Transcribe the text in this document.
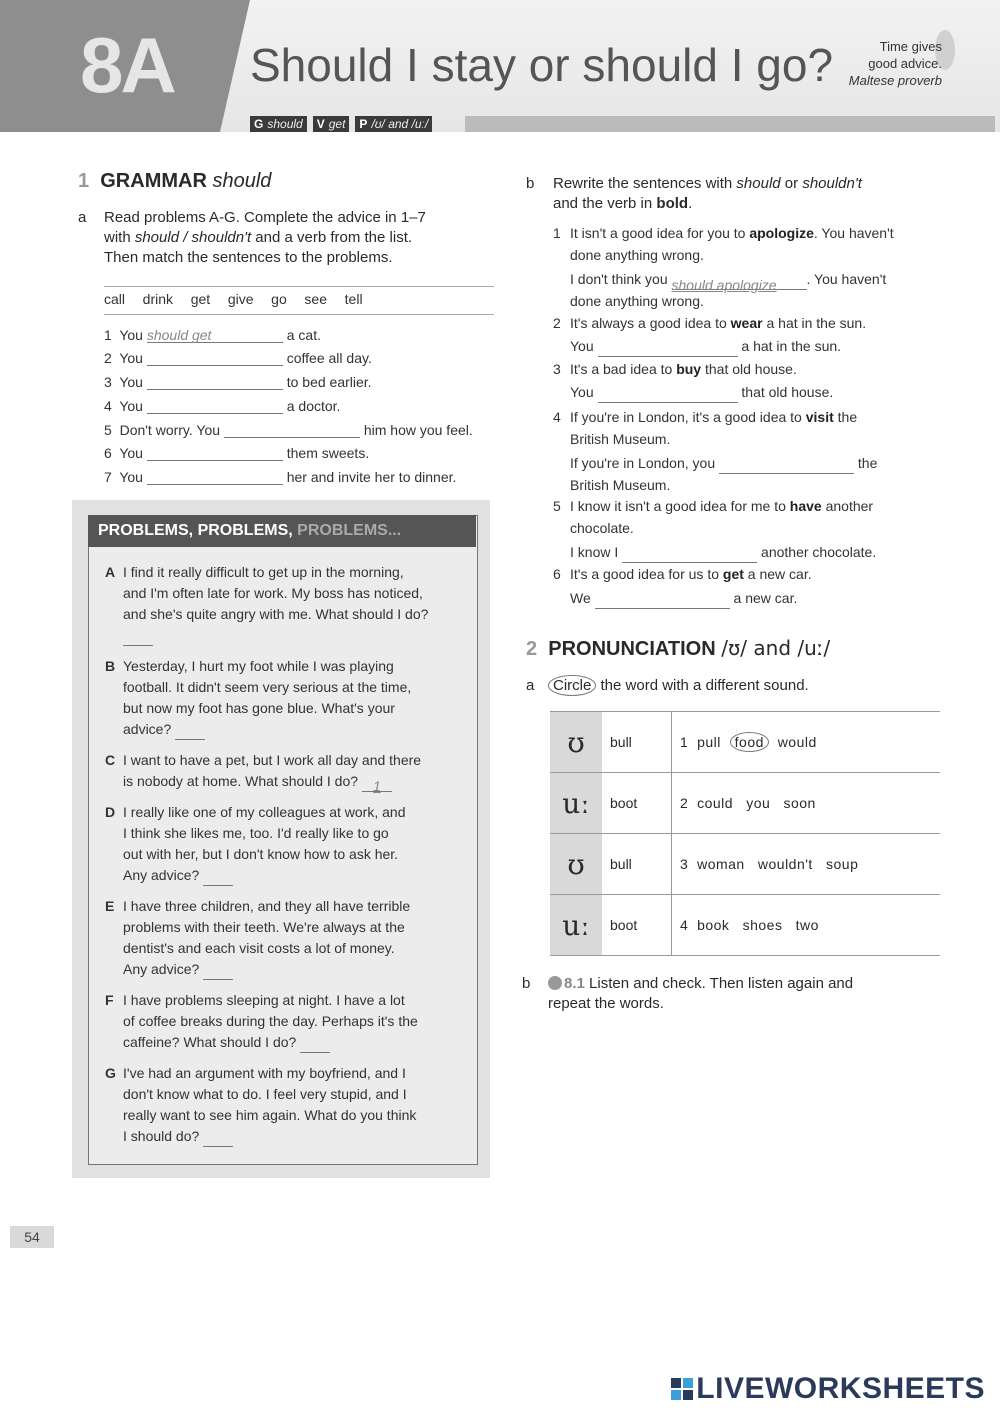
8A Should I stay or should I go?	Time gives
good advice.
Maltese proverb
G should V get P /ʊ/ and /uː/
1 GRAMMAR should
a Read problems A-G. Complete the advice in 1–7
with should / shouldn't and a verb from the list.
Then match the sentences to the problems.
call   drink   get   give   go   see   tell
1 You should get	a cat.
2 You	coffee all day.
3 You	to bed earlier.
4 You	a doctor.
5 Don't worry. You	him how you feel.
6 You	them sweets.
7 You	her and invite her to dinner.
PROBLEMS, PROBLEMS, PROBLEMS...
A I find it really difficult to get up in the morning,
and I'm often late for work. My boss has noticed,
and she's quite angry with me. What should I do?
B Yesterday, I hurt my foot while I was playing
football. It didn't seem very serious at the time,
but now my foot has gone blue. What's your
advice?
C I want to have a pet, but I work all day and there
is nobody at home. What should I do? 1
D I really like one of my colleagues at work, and
I think she likes me, too. I'd really like to go
out with her, but I don't know how to ask her.
Any advice?
E I have three children, and they all have terrible
problems with their teeth. We're always at the
dentist's and each visit costs a lot of money.
Any advice?
F I have problems sleeping at night. I have a lot
of coffee breaks during the day. Perhaps it's the
caffeine? What should I do?
G I've had an argument with my boyfriend, and I
don't know what to do. I feel very stupid, and I
really want to see him again. What do you think
I should do?
b Rewrite the sentences with should or shouldn't
and the verb in bold.
1 It isn't a good idea for you to apologize. You haven't
done anything wrong.
I don't think you should apologize . You haven't
done anything wrong.
2 It's always a good idea to wear a hat in the sun.
You	a hat in the sun.
3 It's a bad idea to buy that old house.
You	that old house.
4 If you're in London, it's a good idea to visit the
British Museum.
If you're in London, you	the
British Museum.
5 I know it isn't a good idea for me to have another
chocolate.
I know I	another chocolate.
6 It's a good idea for us to get a new car.
We	a new car.
2 PRONUNCIATION /ʊ/ and /uː/
a	Circle the word with a different sound.
ʊ	bull	1 pull food would
uː	boot	2 could you soon
ʊ	bull	3 woman wouldn't soup
uː	boot	4 book shoes two
b	8.1 Listen and check. Then listen again and
repeat the words.
54
LIVEWORKSHEETS
